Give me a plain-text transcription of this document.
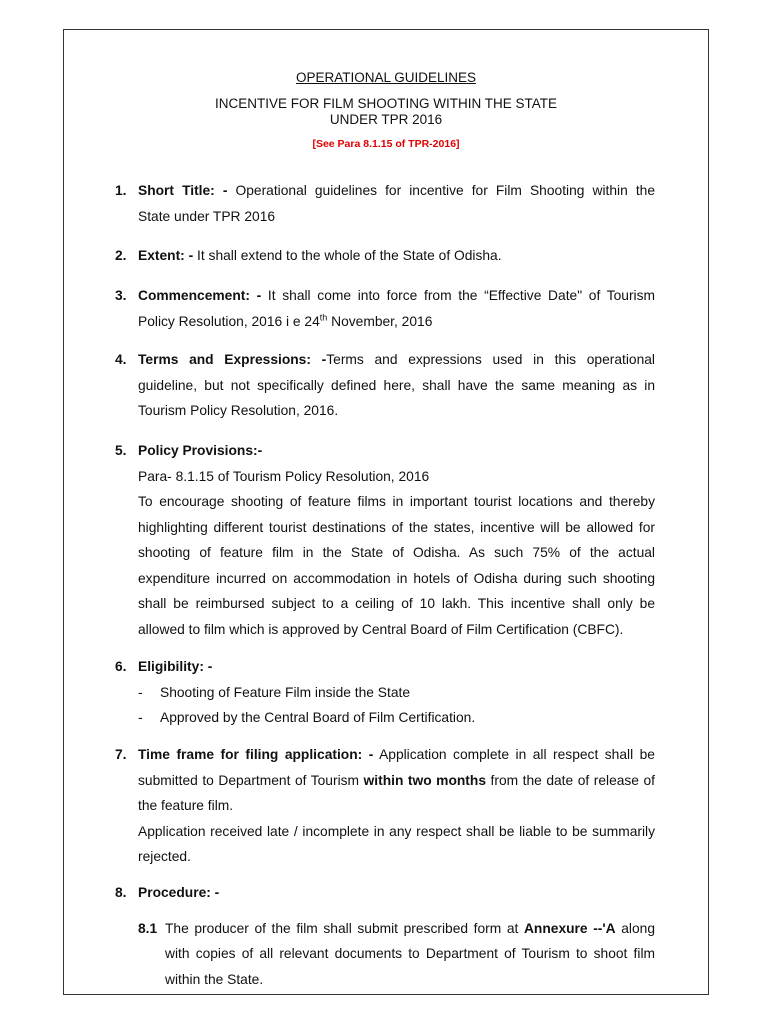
OPERATIONAL GUIDELINES
INCENTIVE FOR FILM SHOOTING WITHIN THE STATE
UNDER TPR 2016
[See Para 8.1.15 of TPR-2016]
1. Short Title: - Operational guidelines for incentive for Film Shooting within the
State under TPR 2016
2. Extent: - It shall extend to the whole of the State of Odisha.
3. Commencement: - It shall come into force from the “Effective Date" of Tourism
Policy Resolution, 2016 i e 24th November, 2016
4. Terms and Expressions: -Terms and expressions used in this operational guideline, but not specifically defined here, shall have the same meaning as in Tourism Policy Resolution, 2016.
5. Policy Provisions:-
Para- 8.1.15 of Tourism Policy Resolution, 2016
To encourage shooting of feature films in important tourist locations and thereby highlighting different tourist destinations of the states, incentive will be allowed for shooting of feature film in the State of Odisha. As such 75% of the actual expenditure incurred on accommodation in hotels of Odisha during such shooting shall be reimbursed subject to a ceiling of 10 lakh. This incentive shall only be allowed to film which is approved by Central Board of Film Certification (CBFC).
6. Eligibility: -
- Shooting of Feature Film inside the State
- Approved by the Central Board of Film Certification.
7. Time frame for filing application: - Application complete in all respect shall be submitted to Department of Tourism within two months from the date of release of the feature film.
Application received late / incomplete in any respect shall be liable to be summarily rejected.
8. Procedure: -
8.1 The producer of the film shall submit prescribed form at Annexure --'A along with copies of all relevant documents to Department of Tourism to shoot film within the State.
